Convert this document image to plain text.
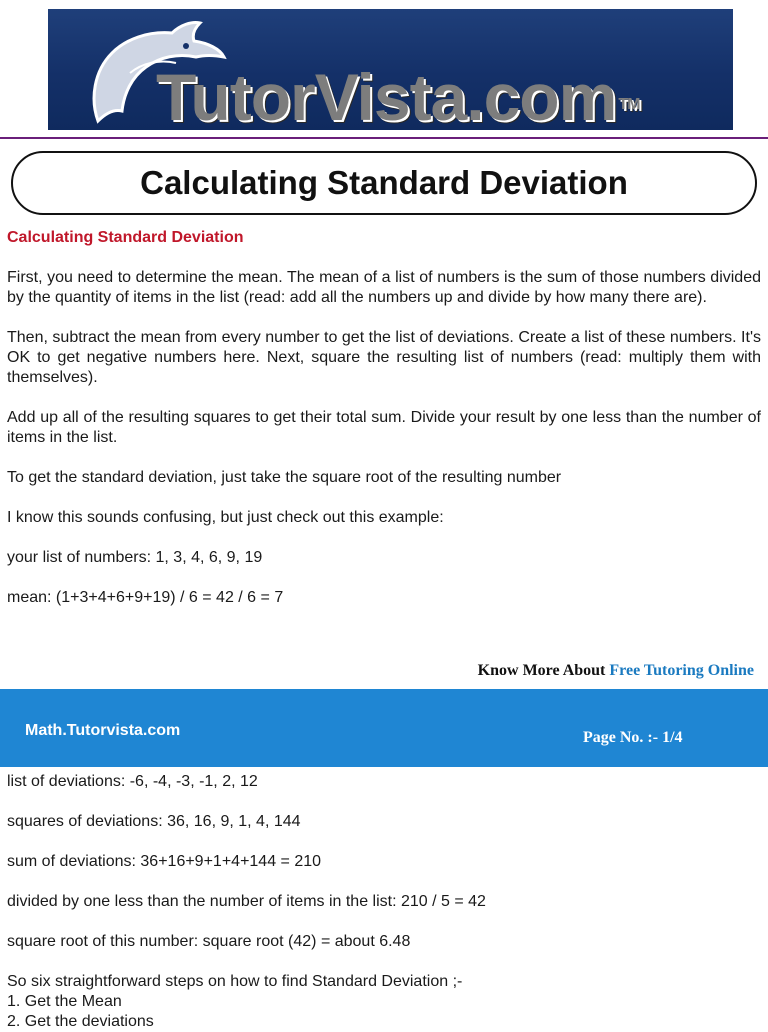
TutorVista.com ™
Calculating Standard Deviation

Calculating Standard Deviation

First, you need to determine the mean. The mean of a list of numbers is the sum of those numbers divided by the quantity of items in the list (read: add all the numbers up and divide by how many there are).

Then, subtract the mean from every number to get the list of deviations. Create a list of these numbers. It's OK to get negative numbers here. Next, square the resulting list of numbers (read: multiply them with themselves).

Add up all of the resulting squares to get their total sum. Divide your result by one less than the number of items in the list.

To get the standard deviation, just take the square root of the resulting number

I know this sounds confusing, but just check out this example:

your list of numbers: 1, 3, 4, 6, 9, 19

mean: (1+3+4+6+9+19) / 6 = 42 / 6 = 7

Know More About Free Tutoring Online
Math.Tutorvista.com	Page No. :- 1/4

list of deviations: -6, -4, -3, -1, 2, 12

squares of deviations: 36, 16, 9, 1, 4, 144

sum of deviations: 36+16+9+1+4+144 = 210

divided by one less than the number of items in the list: 210 / 5 = 42

square root of this number: square root (42) = about 6.48

So six straightforward steps on how to find Standard Deviation ;-

1. Get the Mean

2. Get the deviations
